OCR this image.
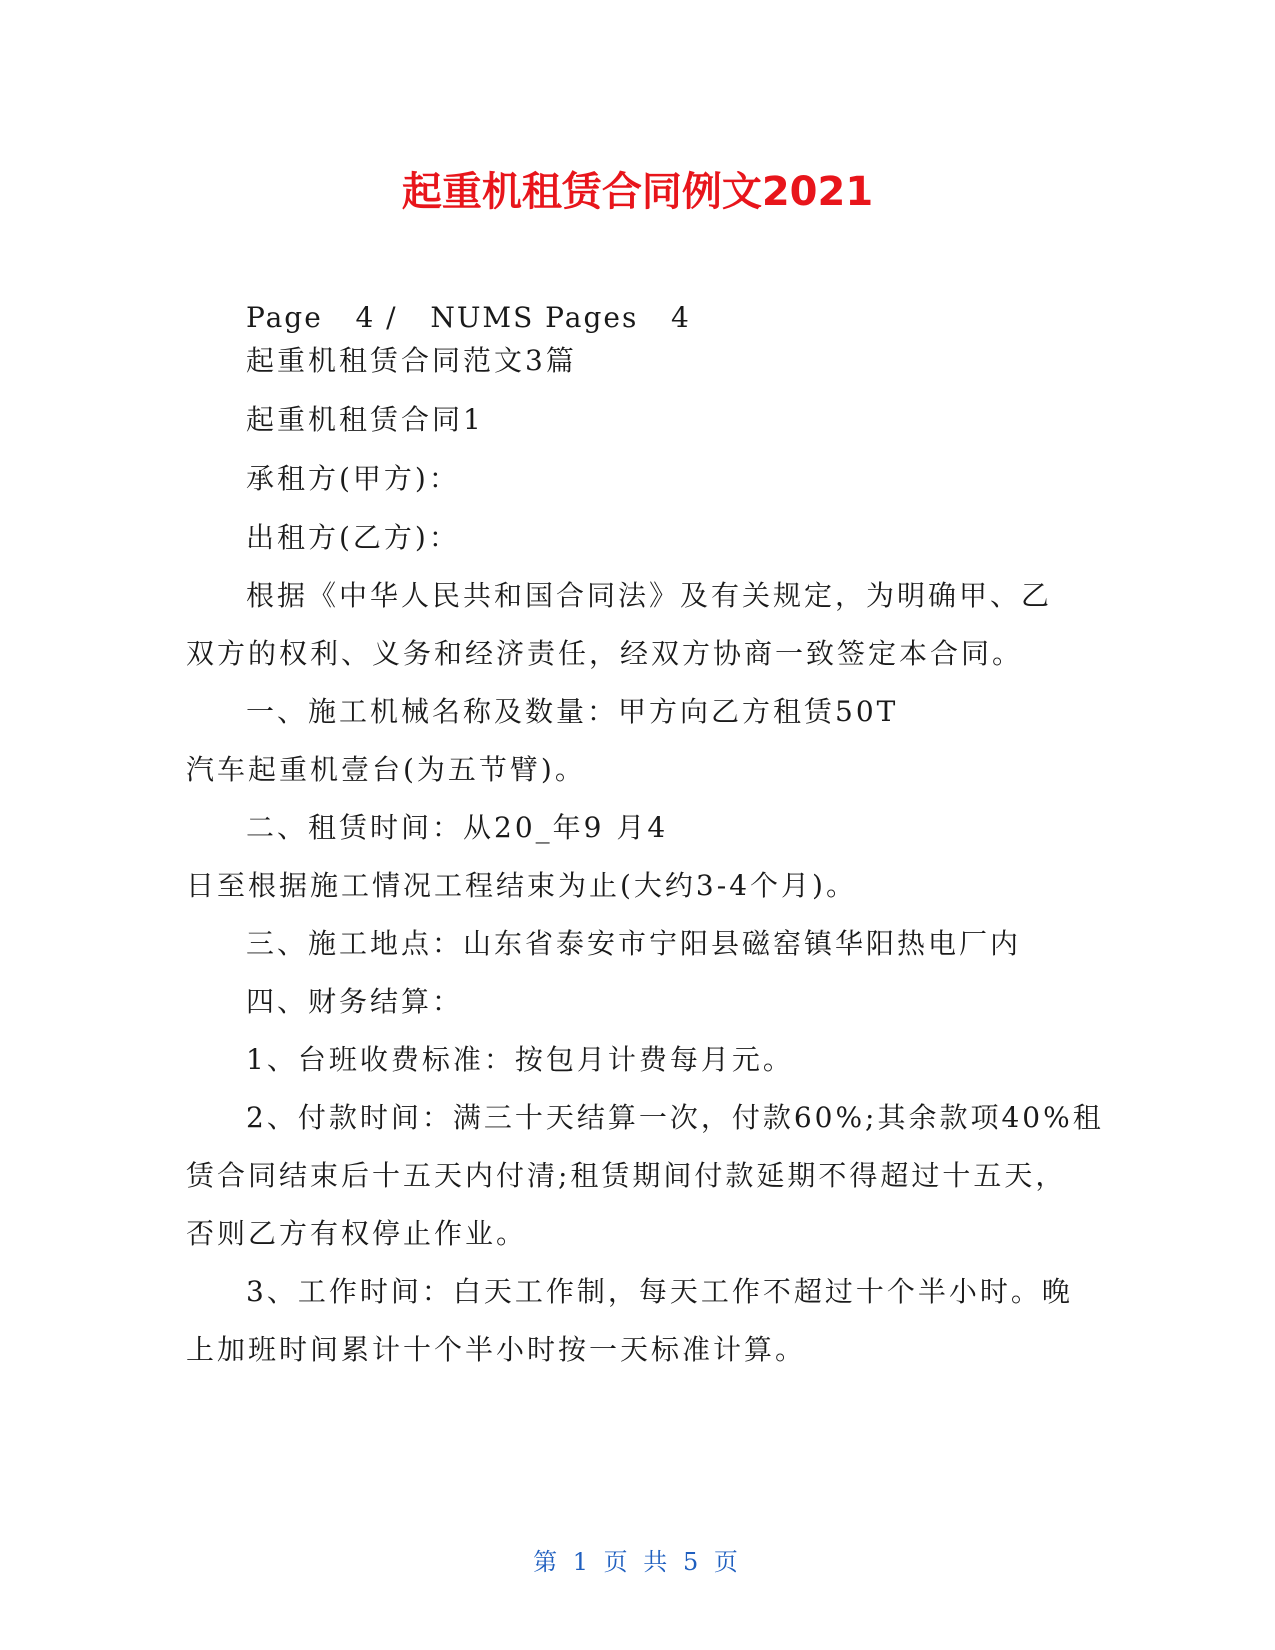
起重机租赁合同例文2021
Page   4 /   NUMS Pages   4
起重机租赁合同范文3篇
起重机租赁合同1
承租方(甲方)：
出租方(乙方)：
根据《中华人民共和国合同法》及有关规定，为明确甲、乙
双方的权利、义务和经济责任，经双方协商一致签定本合同。
一、施工机械名称及数量：甲方向乙方租赁50T
汽车起重机壹台(为五节臂)。
二、租赁时间：从20_年9 月4
日至根据施工情况工程结束为止(大约3-4个月)。
三、施工地点：山东省泰安市宁阳县磁窑镇华阳热电厂内
四、财务结算：
1、台班收费标准：按包月计费每月元。
2、付款时间：满三十天结算一次，付款60%;其余款项40%租
赁合同结束后十五天内付清;租赁期间付款延期不得超过十五天，
否则乙方有权停止作业。
3、工作时间：白天工作制，每天工作不超过十个半小时。晚
上加班时间累计十个半小时按一天标准计算。
第 1 页 共 5 页
